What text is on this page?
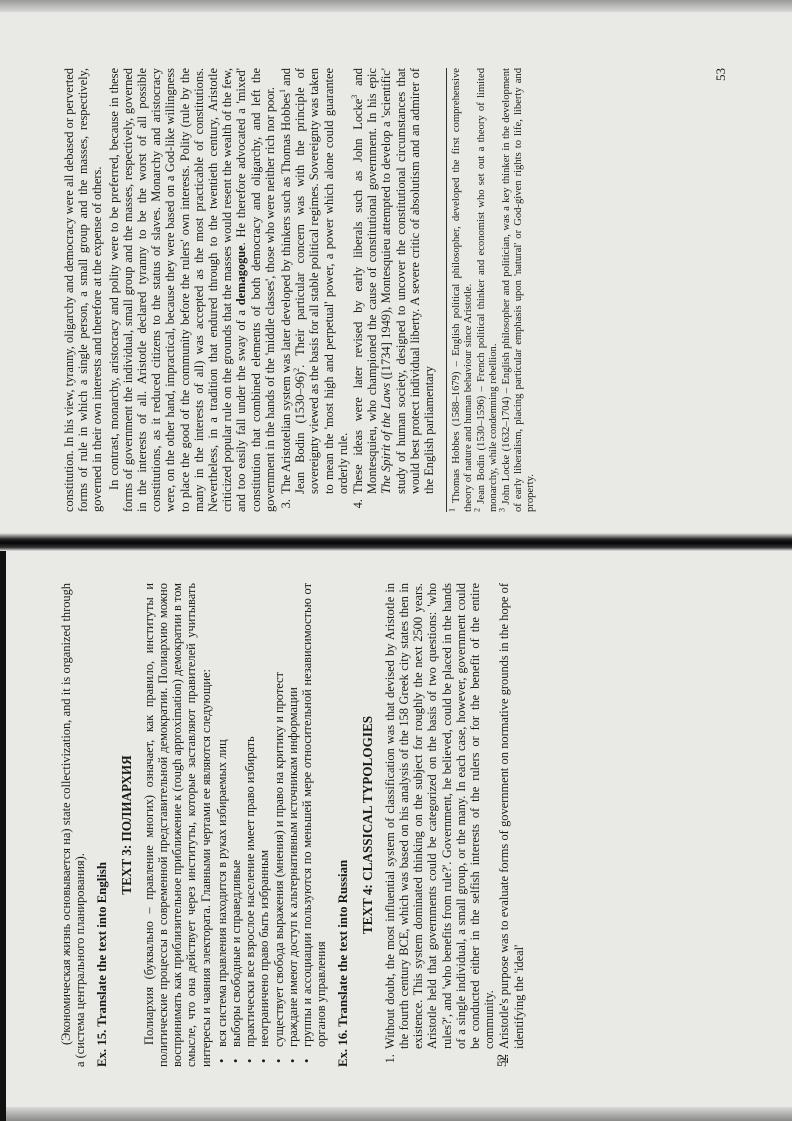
(Экономическая жизнь основывается на) state collectivization, and it is organized through a (система центрального планирования). Ex. 15. Translate the text into English
TEXT 3: ПОЛИАРХИЯ Полиархия (буквально – правление многих) означает, как правило, институты и политические процессы в современной представительной демократии. Полиархию можно воспринимать как приблизительное приближение к (rough approximation) демократии в том смысле, что она действует через институты, которые заставляют правителей учитывать интересы и чаяния электората. Главными чертами ее являются следующие: • вся система правления находится в руках избираемых лиц • выборы свободные и справедливые • практически все взрослое население имеет право избирать • неограничено право быть избранным • существует свобода выражения (мнения) и право на критику и протест • граждане имеют доступ к альтернативным источникам информации • группы и ассоциации пользуются по меньшей мере относительной независимостью от органов управления Ex. 16. Translate the text into Russian
TEXT 4: CLASSICAL TYPOLOGIES 1. Without doubt, the most influential system of classification was that devised by Aristotle in the fourth century BCE, which was based on his analysis of the 158 Greek city states then in existence. This system dominated thinking on the subject for roughly the next 2500 years. Aristotle held that governments could be categorized on the basis of two questions: 'who rules?', and 'who benefits from rule?'. Government, he believed, could be placed in the hands of a single individual, a small group, or the many. In each case, however, government could be conducted either in the selfish interests of the rulers or for the benefit of the entire community. 2. Aristotle's purpose was to evaluate forms of government on normative grounds in the hope of identifying the 'ideal'
52

constitution. In his view, tyranny, oligarchy and democracy were all debased or perverted forms of rule in which a single person, a small group and the masses, respectively, governed in their own interests and therefore at the expense of others. In contrast, monarchy, aristocracy and polity were to be preferred, because in these forms of government the individual, small group and the masses, respectively, governed in the interests of all. Aristotle declared tyranny to be the worst of all possible constitutions, as it reduced citizens to the status of slaves. Monarchy and aristocracy were, on the other hand, impractical, because they were based on a God-like willingness to place the good of the community before the rulers' own interests. Polity (rule by the many in the interests of all) was accepted as the most practicable of constitutions. Nevertheless, in a tradition that endured through to the twentieth century, Aristotle criticized popular rule on the grounds that the masses would resent the wealth of the few, and too easily fall under the sway of a demagogue. He therefore advocated a 'mixed' constitution that combined elements of both democracy and oligarchy, and left the government in the hands of the 'middle classes', those who were neither rich nor poor. 3. The Aristotelian system was later developed by thinkers such as Thomas Hobbes$^1$ and Jean Bodin (1530–96)$^2$. Their particular concern was with the principle of sovereignty viewed as the basis for all stable political regimes. Sovereignty was taken to mean the 'most high and perpetual' power, a power which alone could guarantee orderly rule. 4. These ideas were later revised by early liberals such as John Locke$^3$ and Montesquieu, who championed the cause of constitutional government. In his epic The Spirit of the Laws ([1734] 1949), Montesquieu attempted to develop a 'scientific' study of human society, designed to uncover the constitutional circumstances that would best protect individual liberty. A severe critic of absolutism and an admirer of the English parliamentary

$^1$ Thomas Hobbes (1588–1679) – English political philosopher, developed the first comprehensive theory of nature and human behaviour since Aristotle.

$^2$ Jean Bodin (1530–1596) – French political thinker and economist who set out a theory of limited monarchy, while condemning rebellion.

$^3$ John Locke (1632–1704) – English philosopher and politician, was a key thinker in the development of early liberalism, placing particular emphasis upon 'natural' or God-given rights to life, liberty and property.

53
